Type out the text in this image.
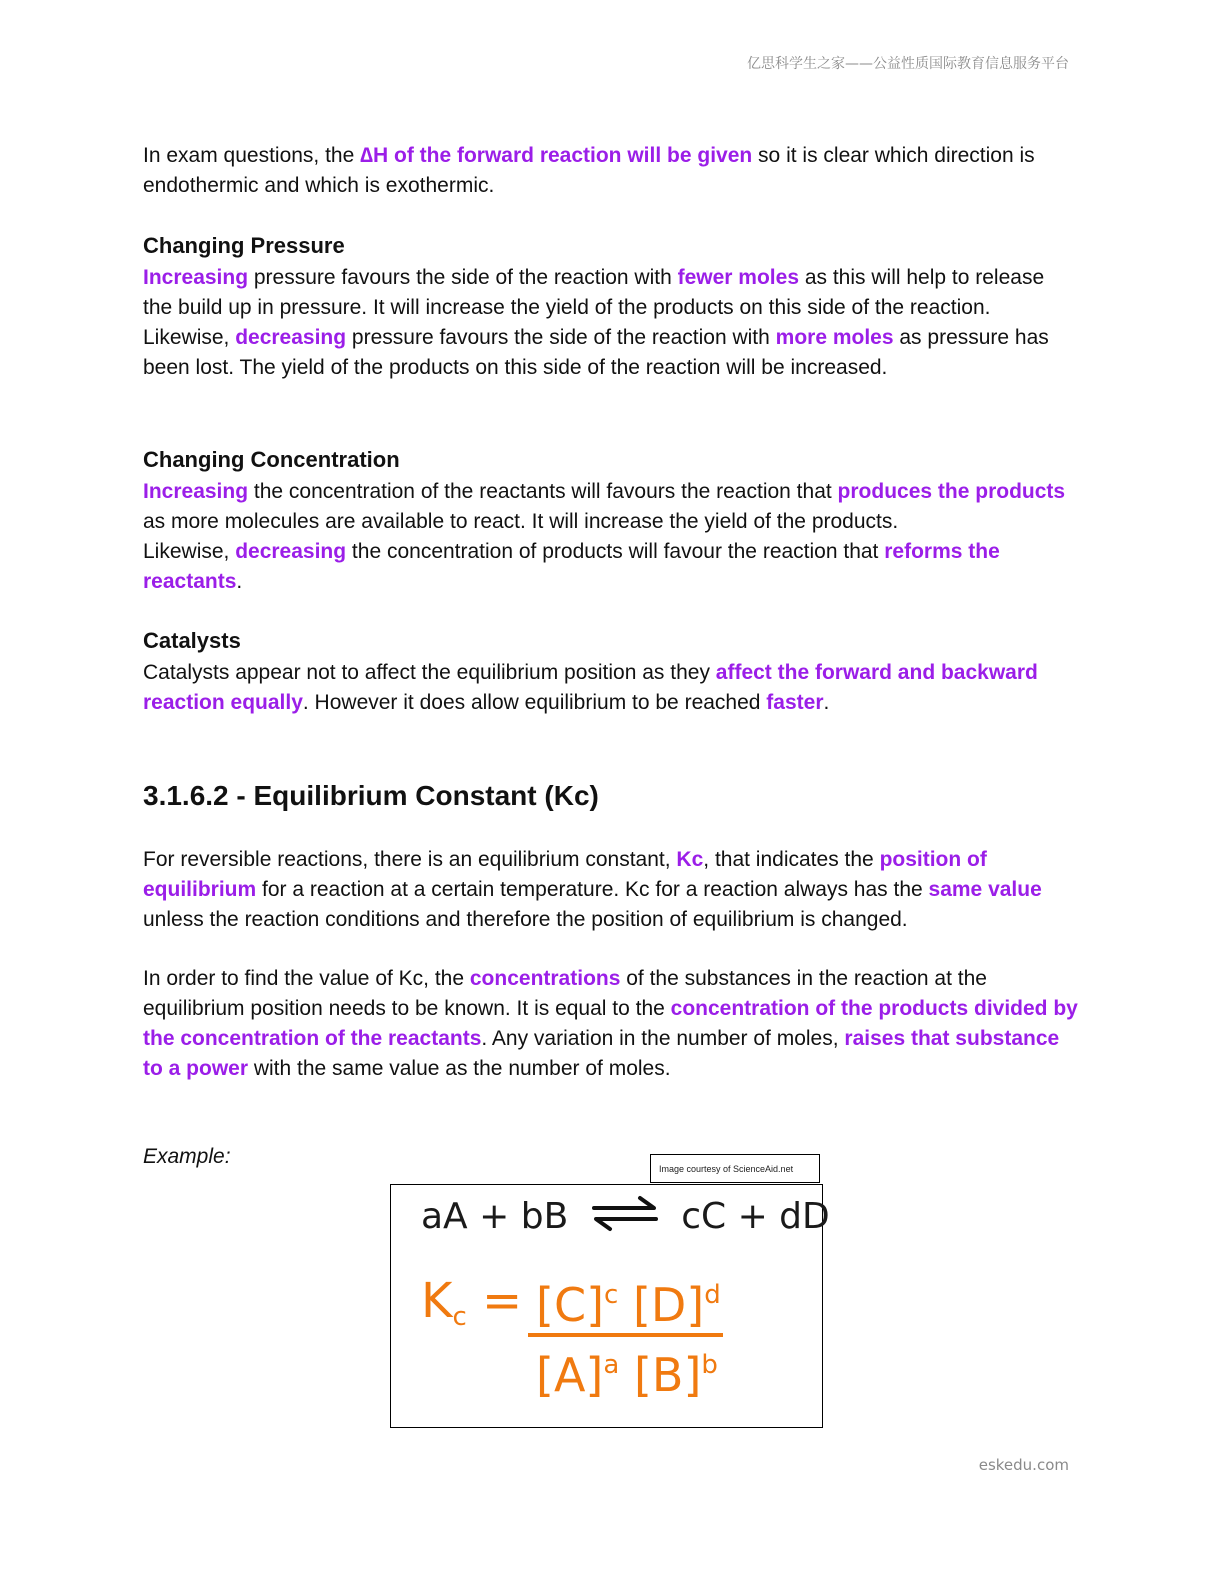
亿思科学生之家——公益性质国际教育信息服务平台

In exam questions, the ∆H of the forward reaction will be given so it is clear which direction is endothermic and which is exothermic.

Changing Pressure

Increasing pressure favours the side of the reaction with fewer moles as this will help to release the build up in pressure. It will increase the yield of the products on this side of the reaction.
Likewise, decreasing pressure favours the side of the reaction with more moles as pressure has been lost. The yield of the products on this side of the reaction will be increased.

Changing Concentration

Increasing the concentration of the reactants will favours the reaction that produces the products as more molecules are available to react. It will increase the yield of the products.
Likewise, decreasing the concentration of products will favour the reaction that reforms the reactants.

Catalysts

Catalysts appear not to affect the equilibrium position as they affect the forward and backward reaction equally. However it does allow equilibrium to be reached faster.

3.1.6.2 - Equilibrium Constant (Kc)

For reversible reactions, there is an equilibrium constant, Kc, that indicates the position of equilibrium for a reaction at a certain temperature. Kc for a reaction always has the same value unless the reaction conditions and therefore the position of equilibrium is changed.

In order to find the value of Kc, the concentrations of the substances in the reaction at the equilibrium position needs to be known. It is equal to the concentration of the products divided by the concentration of the reactants. Any variation in the number of moles, raises that substance to a power with the same value as the number of moles.

Example:

Image courtesy of ScienceAid.net
aA + bB ⇌ cC + dD
$K_c = [C]^c$ $[D]^d$
$[A]^a$ $[B]^b$
eskedu.com
